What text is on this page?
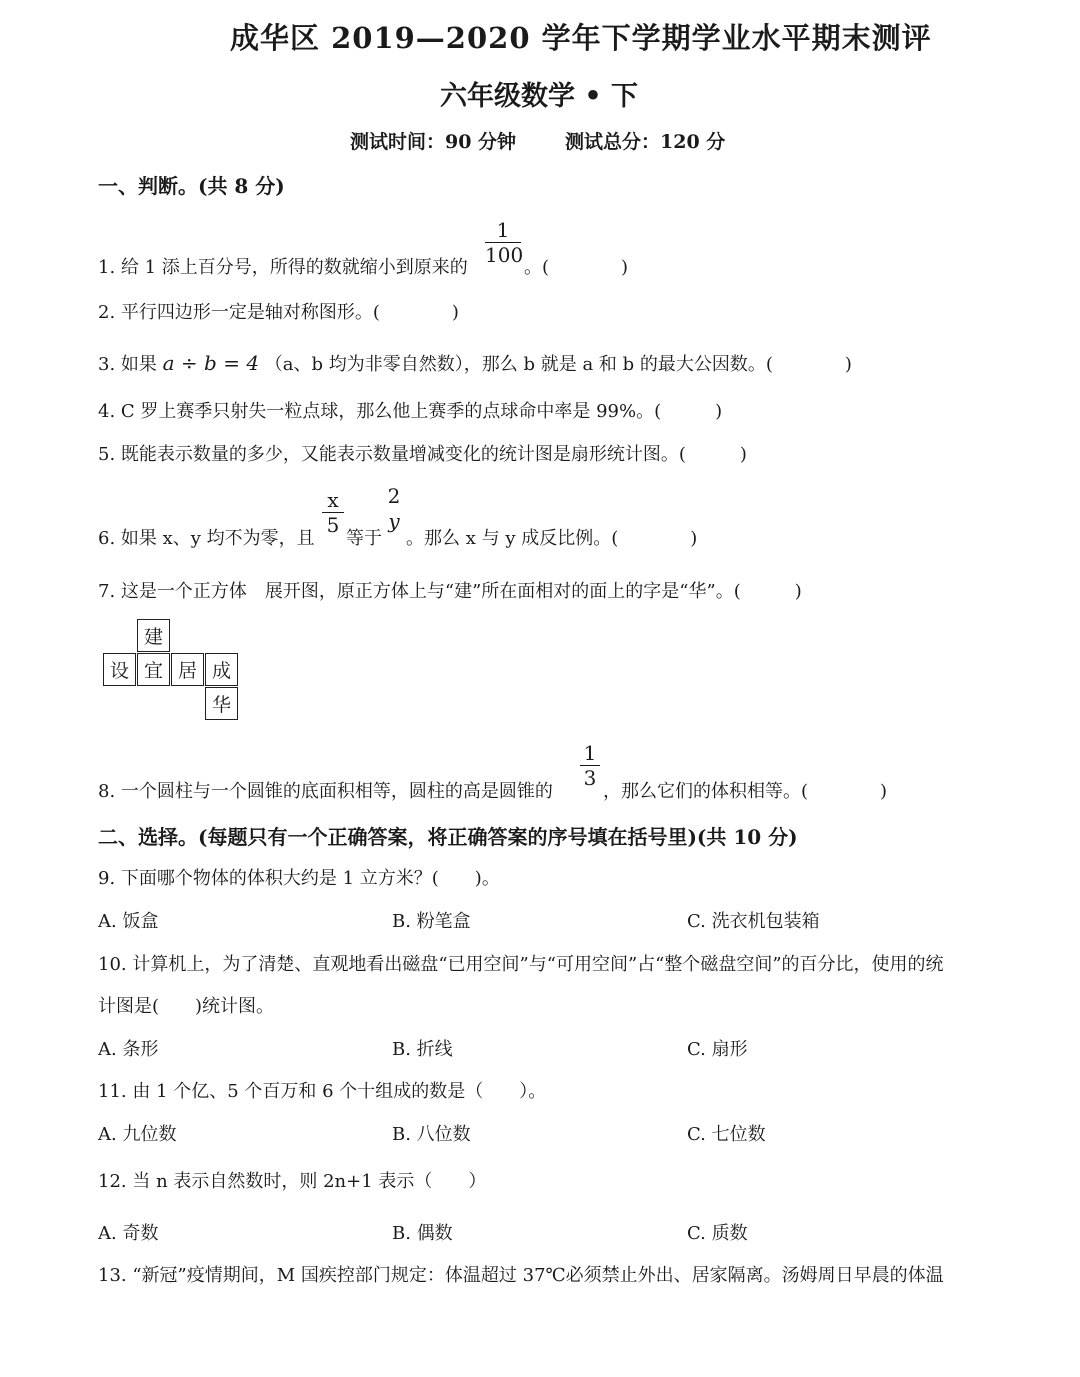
成华区 2019—2020 学年下学期学业水平期末测评
六年级数学 • 下
测试时间：90 分钟	测试总分：120 分
一、判断。(共 8 分)
1. 给 1 添上百分号，所得的数就缩小到原来的
1
100
。(　　　　)
2. 平行四边形一定是轴对称图形。(　　　　)
3. 如果 a ÷ b = 4 （a、b 均为非零自然数），那么 b 就是 a 和 b 的最大公因数。(　　　　)
4. C 罗上赛季只射失一粒点球，那么他上赛季的点球命中率是 99%。(　　　)
5. 既能表示数量的多少，又能表示数量增减变化的统计图是扇形统计图。(　　　)
6. 如果 x、y 均不为零，且
x
5
等于
2
y
。那么 x 与 y 成反比例。(　　　　)
7. 这是一个正方体　展开图，原正方体上与“建”所在面相对的面上的字是“华”。(　　　)
建
设 宜 居 成
华
8. 一个圆柱与一个圆锥的底面积相等，圆柱的高是圆锥的
1
3
，那么它们的体积相等。(　　　　)
二、选择。(每题只有一个正确答案，将正确答案的序号填在括号里)(共 10 分)
9. 下面哪个物体的体积大约是 1 立方米？(　　)。
A. 饭盒	B. 粉笔盒	C. 洗衣机包装箱
10. 计算机上，为了清楚、直观地看出磁盘“已用空间”与“可用空间”占“整个磁盘空间”的百分比，使用的统
计图是(　　)统计图。
A. 条形	B. 折线	C. 扇形
11. 由 1 个亿、5 个百万和 6 个十组成的数是（　　）。
A. 九位数	B. 八位数	C. 七位数
12. 当 n 表示自然数时，则 2n+1 表示（　　）
A. 奇数	B. 偶数	C. 质数
13. “新冠”疫情期间，M 国疾控部门规定：体温超过 37℃必须禁止外出、居家隔离。汤姆周日早晨的体温
